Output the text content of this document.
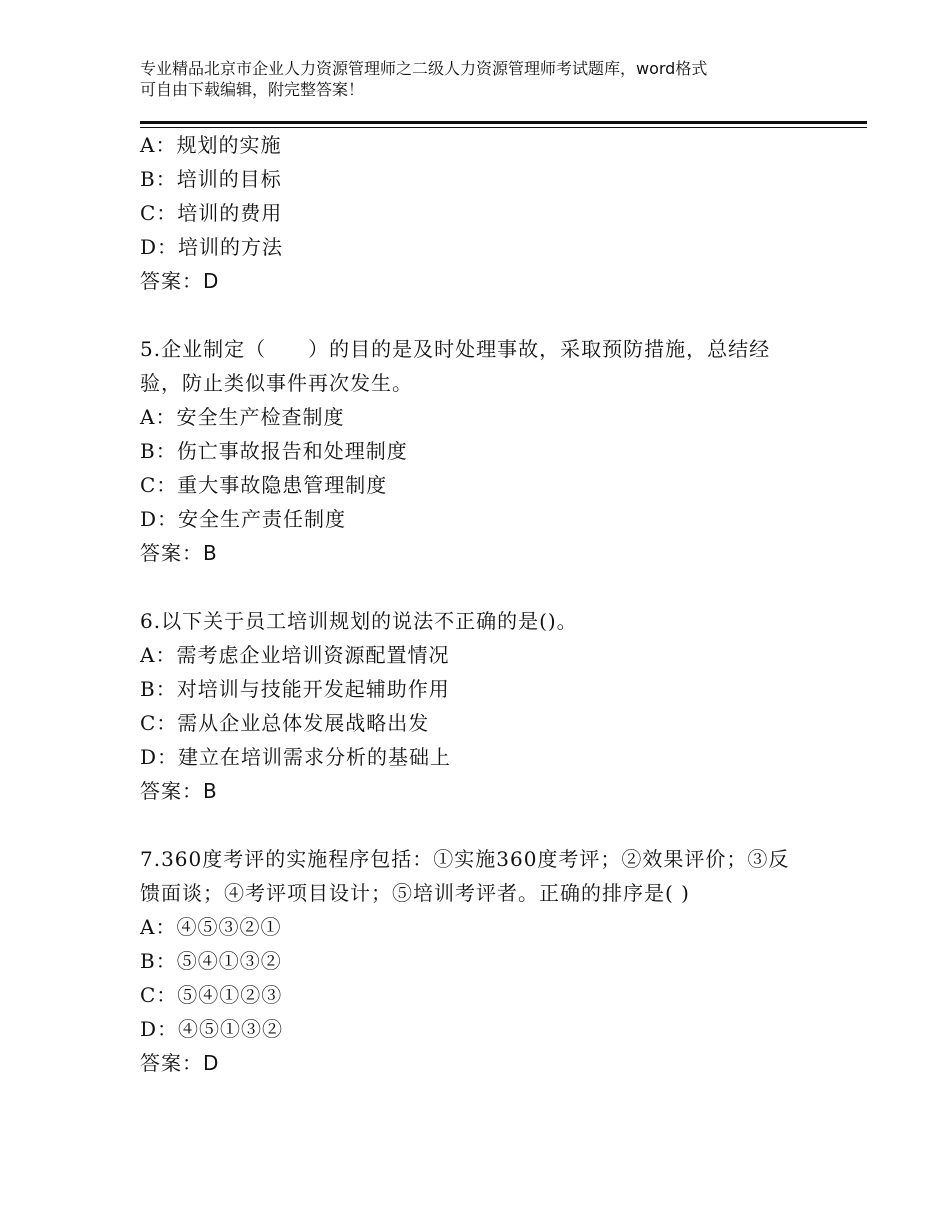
专业精品北京市企业人力资源管理师之二级人力资源管理师考试题库，word格式
可自由下载编辑，附完整答案！
A：规划的实施
B：培训的目标
C：培训的费用
D：培训的方法
答案：D
5.企业制定（　　）的目的是及时处理事故，采取预防措施，总结经
验，防止类似事件再次发生。
A：安全生产检查制度
B：伤亡事故报告和处理制度
C：重大事故隐患管理制度
D：安全生产责任制度
答案：B
6.以下关于员工培训规划的说法不正确的是()。
A：需考虑企业培训资源配置情况
B：对培训与技能开发起辅助作用
C：需从企业总体发展战略出发
D：建立在培训需求分析的基础上
答案：B
7.360度考评的实施程序包括：①实施360度考评；②效果评价；③反
馈面谈；④考评项目设计；⑤培训考评者。正确的排序是( )
A：④⑤③②①
B：⑤④①③②
C：⑤④①②③
D：④⑤①③②
答案：D
